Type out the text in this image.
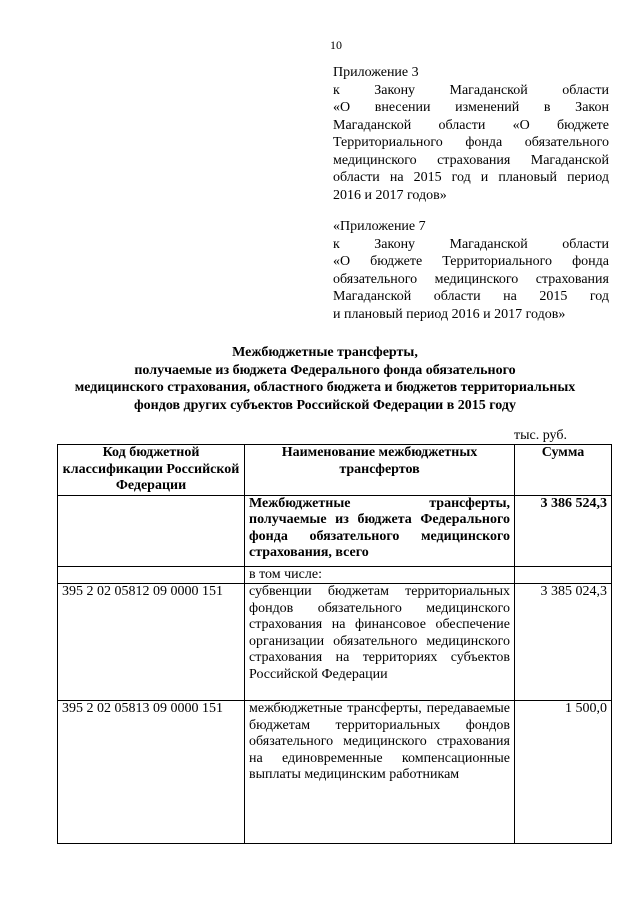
10
Приложение 3
к Закону Магаданской области
«О внесении изменений в Закон
Магаданской области «О бюджете
Территориального фонда обязательного
медицинского страхования Магаданской
области на 2015 год и плановый период
2016 и 2017 годов»
«Приложение 7
к Закону Магаданской области
«О бюджете Территориального фонда
обязательного медицинского страхования
Магаданской области на 2015 год
и плановый период 2016 и 2017 годов»
Межбюджетные трансферты,
получаемые из бюджета Федерального фонда обязательного
медицинского страхования, областного бюджета и бюджетов территориальных
фондов других субъектов Российской Федерации в 2015 году
тыс. руб.
Код бюджетной классификации Российской Федерации	Наименование межбюджетных трансфертов	Сумма

	Межбюджетные трансферты, получаемые из бюджета Федерального фонда обязательного медицинского страхования, всего	3 386 524,3

	в том числе:	

395 2 02 05812 09 0000 151	субвенции бюджетам территориальных фондов обязательного медицинского страхования на финансовое обеспечение организации обязательного медицинского страхования на территориях субъектов Российской Федерации	3 385 024,3
395 2 02 05813 09 0000 151	межбюджетные трансферты, передаваемые бюджетам территориальных фондов обязательного медицинского страхования на единовременные компенсационные выплаты медицинским работникам	1 500,0
